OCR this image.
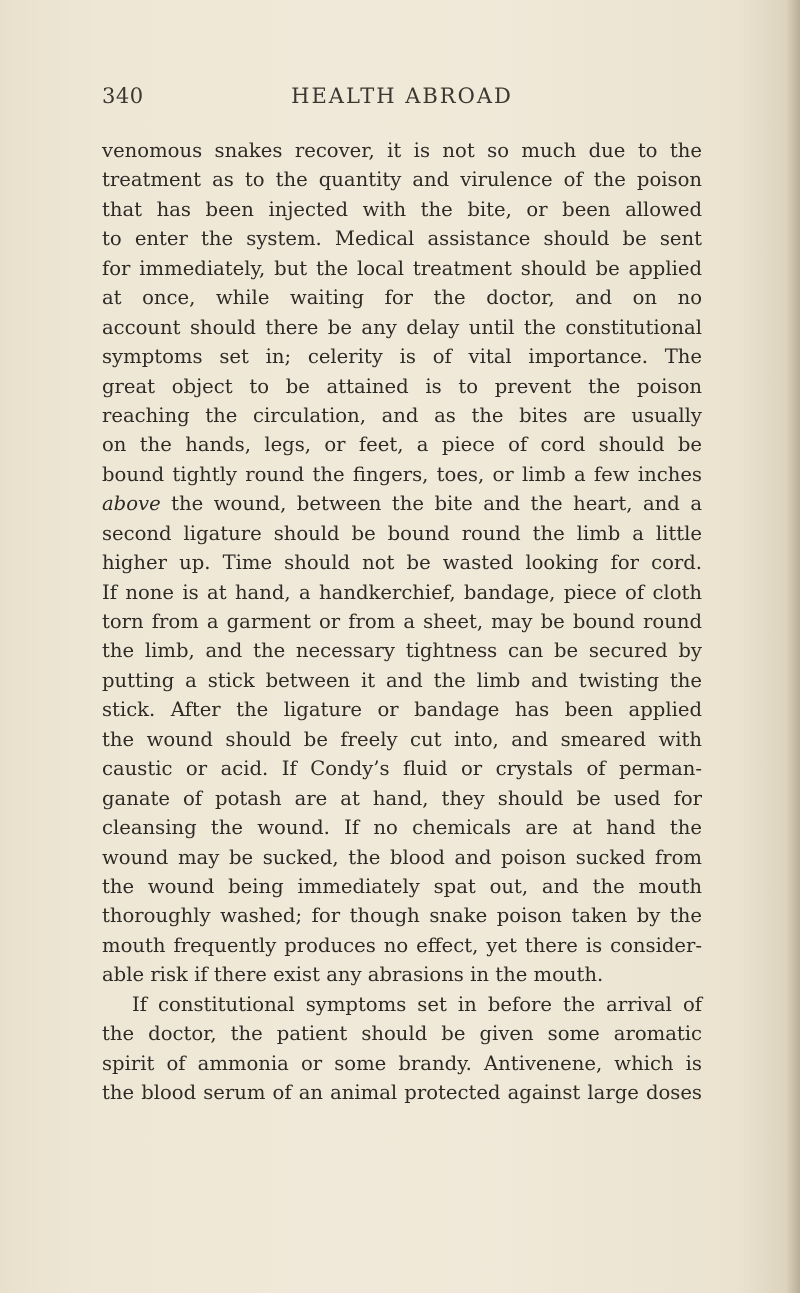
HEALTH ABROAD
340
venomous snakes recover, it is not so much due to the
treatment as to the quantity and virulence of the poison
that has been injected with the bite, or been allowed
to enter the system. Medical assistance should be sent
for immediately, but the local treatment should be applied
at once, while waiting for the doctor, and on no
account should there be any delay until the constitutional
symptoms set in; celerity is of vital importance. The
great object to be attained is to prevent the poison
reaching the circulation, and as the bites are usually
on the hands, legs, or feet, a piece of cord should be
bound tightly round the fingers, toes, or limb a few inches
above the wound, between the bite and the heart, and a
second ligature should be bound round the limb a little
higher up. Time should not be wasted looking for cord.
If none is at hand, a handkerchief, bandage, piece of cloth
torn from a garment or from a sheet, may be bound round
the limb, and the necessary tightness can be secured by
putting a stick between it and the limb and twisting the
stick. After the ligature or bandage has been applied
the wound should be freely cut into, and smeared with
caustic or acid. If Condy’s fluid or crystals of perman-
ganate of potash are at hand, they should be used for
cleansing the wound. If no chemicals are at hand the
wound may be sucked, the blood and poison sucked from
the wound being immediately spat out, and the mouth
thoroughly washed; for though snake poison taken by the
mouth frequently produces no effect, yet there is consider-
able risk if there exist any abrasions in the mouth.
If constitutional symptoms set in before the arrival of
the doctor, the patient should be given some aromatic
spirit of ammonia or some brandy. Antivenene, which is
the blood serum of an animal protected against large doses
